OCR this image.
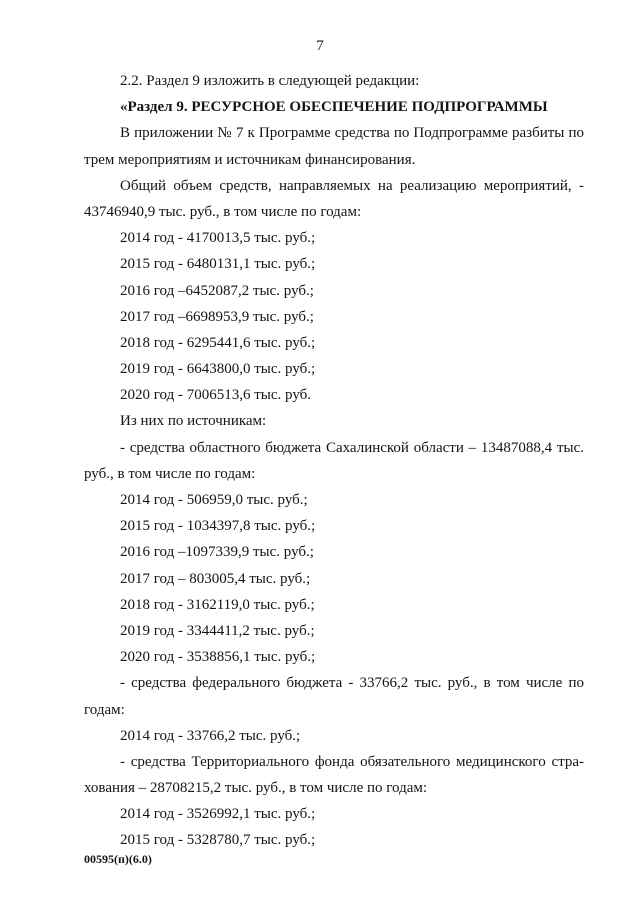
7
2.2. Раздел 9 изложить в следующей редакции:
«Раздел 9. РЕСУРСНОЕ ОБЕСПЕЧЕНИЕ ПОДПРОГРАММЫ
В приложении № 7 к Программе средства по Подпрограмме разбиты по
трем мероприятиям и источникам финансирования.
Общий объем средств, направляемых на реализацию мероприятий, -
43746940,9 тыс. руб., в том числе по годам:
2014 год - 4170013,5 тыс. руб.;
2015 год - 6480131,1 тыс. руб.;
2016 год –6452087,2 тыс. руб.;
2017 год –6698953,9 тыс. руб.;
2018 год - 6295441,6 тыс. руб.;
2019 год - 6643800,0 тыс. руб.;
2020 год - 7006513,6 тыс. руб.
Из них по источникам:
- средства областного бюджета Сахалинской области – 13487088,4 тыс.
руб., в том числе по годам:
2014 год - 506959,0 тыс. руб.;
2015 год - 1034397,8 тыс. руб.;
2016 год –1097339,9 тыс. руб.;
2017 год – 803005,4 тыс. руб.;
2018 год - 3162119,0 тыс. руб.;
2019 год - 3344411,2 тыс. руб.;
2020 год - 3538856,1 тыс. руб.;
- средства федерального бюджета - 33766,2 тыс. руб., в том числе по
годам:
2014 год - 33766,2 тыс. руб.;
- средства Территориального фонда обязательного медицинского стра-
хования – 28708215,2 тыс. руб., в том числе по годам:
2014 год - 3526992,1 тыс. руб.;
2015 год - 5328780,7 тыс. руб.;
00595(п)(6.0)
